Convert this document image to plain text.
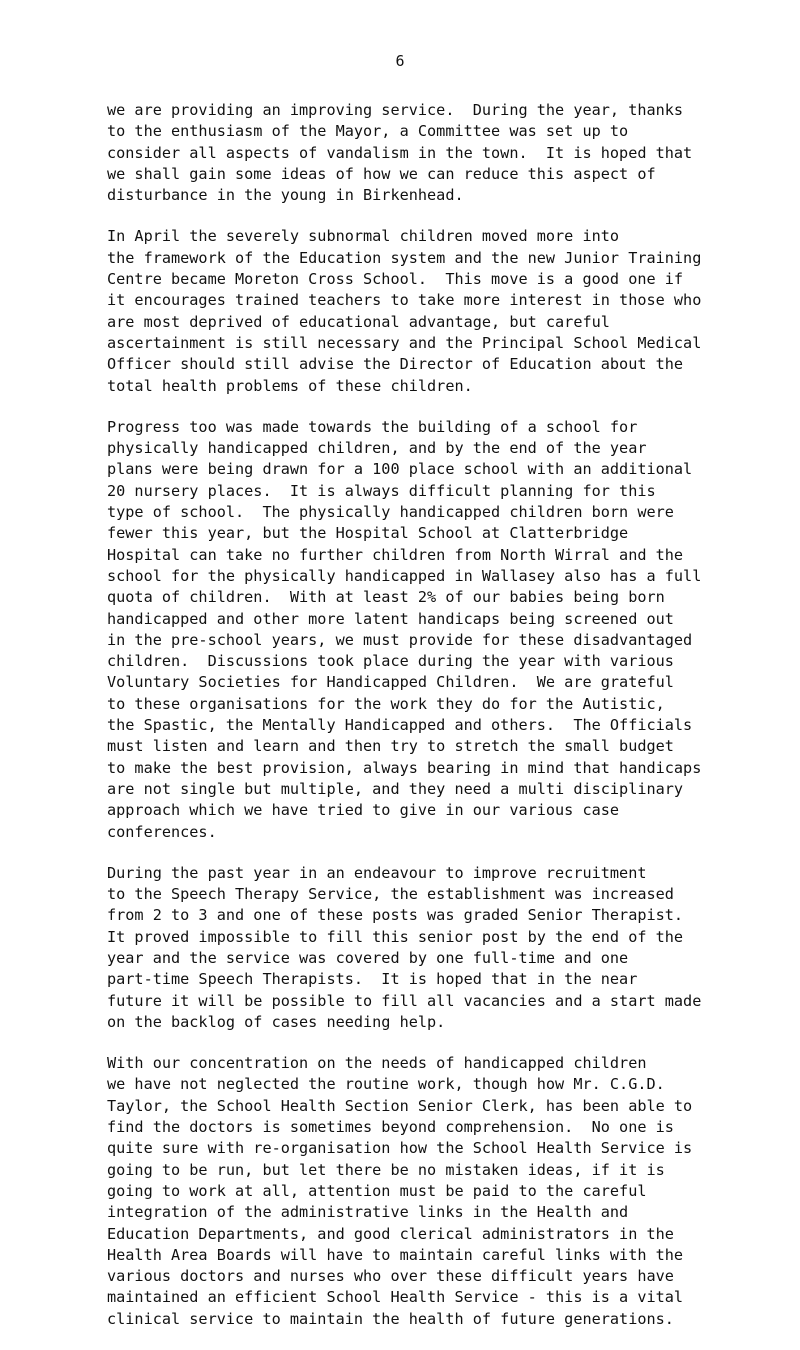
6
we are providing an improving service.  During the year, thanks
to the enthusiasm of the Mayor, a Committee was set up to
consider all aspects of vandalism in the town.  It is hoped that
we shall gain some ideas of how we can reduce this aspect of
disturbance in the young in Birkenhead.
In April the severely subnormal children moved more into
the framework of the Education system and the new Junior Training
Centre became Moreton Cross School.  This move is a good one if
it encourages trained teachers to take more interest in those who
are most deprived of educational advantage, but careful
ascertainment is still necessary and the Principal School Medical
Officer should still advise the Director of Education about the
total health problems of these children.
Progress too was made towards the building of a school for
physically handicapped children, and by the end of the year
plans were being drawn for a 100 place school with an additional
20 nursery places.  It is always difficult planning for this
type of school.  The physically handicapped children born were
fewer this year, but the Hospital School at Clatterbridge
Hospital can take no further children from North Wirral and the
school for the physically handicapped in Wallasey also has a full
quota of children.  With at least 2% of our babies being born
handicapped and other more latent handicaps being screened out
in the pre-school years, we must provide for these disadvantaged
children.  Discussions took place during the year with various
Voluntary Societies for Handicapped Children.  We are grateful
to these organisations for the work they do for the Autistic,
the Spastic, the Mentally Handicapped and others.  The Officials
must listen and learn and then try to stretch the small budget
to make the best provision, always bearing in mind that handicaps
are not single but multiple, and they need a multi disciplinary
approach which we have tried to give in our various case
conferences.
During the past year in an endeavour to improve recruitment
to the Speech Therapy Service, the establishment was increased
from 2 to 3 and one of these posts was graded Senior Therapist.
It proved impossible to fill this senior post by the end of the
year and the service was covered by one full-time and one
part-time Speech Therapists.  It is hoped that in the near
future it will be possible to fill all vacancies and a start made
on the backlog of cases needing help.
With our concentration on the needs of handicapped children
we have not neglected the routine work, though how Mr. C.G.D.
Taylor, the School Health Section Senior Clerk, has been able to
find the doctors is sometimes beyond comprehension.  No one is
quite sure with re-organisation how the School Health Service is
going to be run, but let there be no mistaken ideas, if it is
going to work at all, attention must be paid to the careful
integration of the administrative links in the Health and
Education Departments, and good clerical administrators in the
Health Area Boards will have to maintain careful links with the
various doctors and nurses who over these difficult years have
maintained an efficient School Health Service - this is a vital
clinical service to maintain the health of future generations.
